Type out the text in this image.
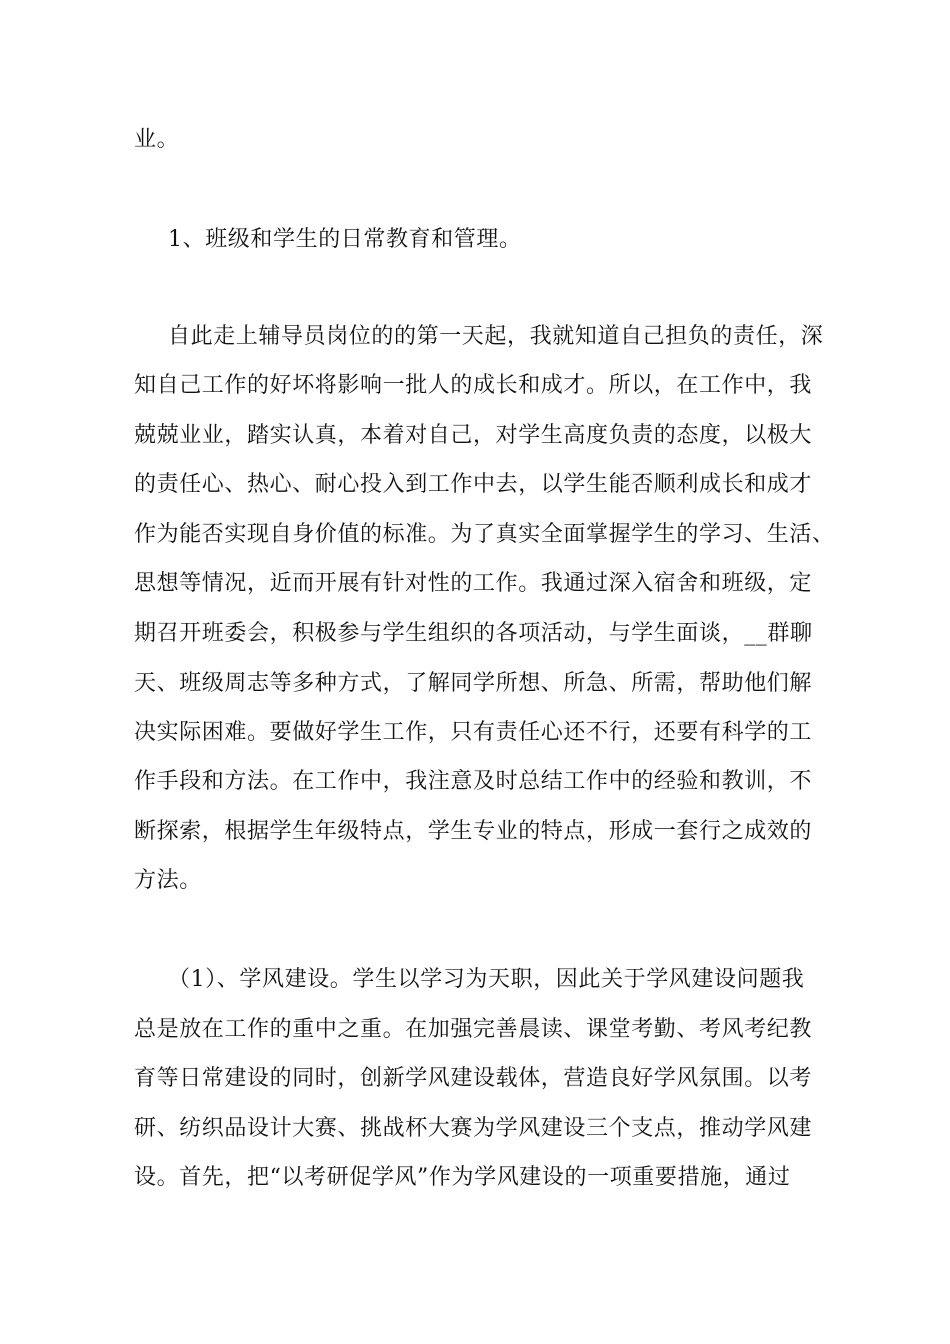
业。
1、班级和学生的日常教育和管理。
自此走上辅导员岗位的的第一天起，我就知道自己担负的责任，深
知自己工作的好坏将影响一批人的成长和成才。所以，在工作中，我
兢兢业业，踏实认真，本着对自己，对学生高度负责的态度，以极大
的责任心、热心、耐心投入到工作中去，以学生能否顺利成长和成才
作为能否实现自身价值的标准。为了真实全面掌握学生的学习、生活、
思想等情况，近而开展有针对性的工作。我通过深入宿舍和班级，定
期召开班委会，积极参与学生组织的各项活动，与学生面谈，__群聊
天、班级周志等多种方式，了解同学所想、所急、所需，帮助他们解
决实际困难。要做好学生工作，只有责任心还不行，还要有科学的工
作手段和方法。在工作中，我注意及时总结工作中的经验和教训，不
断探索，根据学生年级特点，学生专业的特点，形成一套行之成效的
方法。
（1）、学风建设。学生以学习为天职，因此关于学风建设问题我
总是放在工作的重中之重。在加强完善晨读、课堂考勤、考风考纪教
育等日常建设的同时，创新学风建设载体，营造良好学风氛围。以考
研、纺织品设计大赛、挑战杯大赛为学风建设三个支点，推动学风建
设。首先，把“以考研促学风”作为学风建设的一项重要措施，通过
